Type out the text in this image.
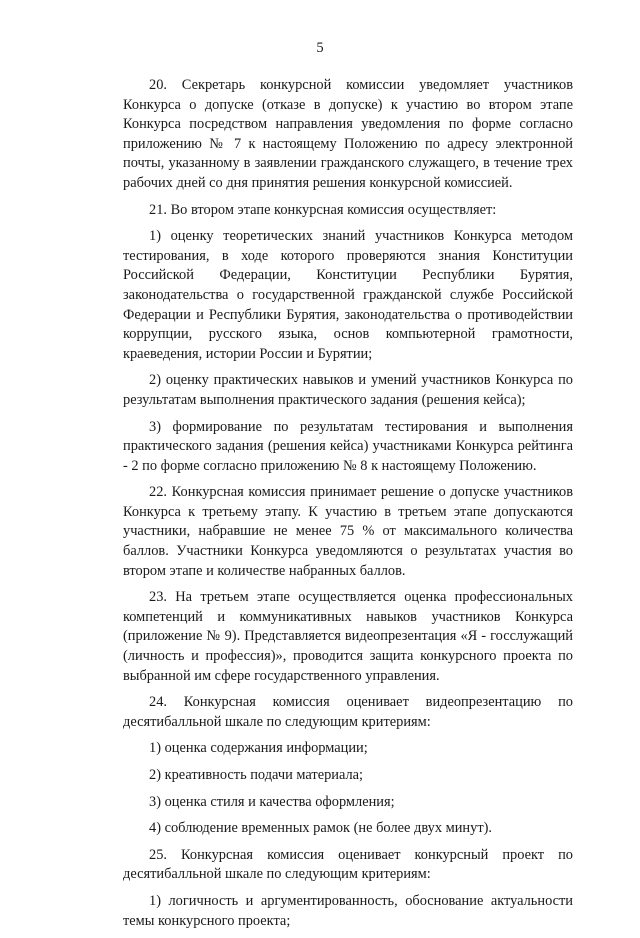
5

20. Секретарь конкурсной комиссии уведомляет участников Конкурса о допуске (отказе в допуске) к участию во втором этапе Конкурса посредством направления уведомления по форме согласно приложению № 7 к настоящему Положению по адресу электронной почты, указанному в заявлении гражданского служащего, в течение трех рабочих дней со дня принятия решения конкурсной комиссией.

21. Во втором этапе конкурсная комиссия осуществляет:

1) оценку теоретических знаний участников Конкурса методом тестирования, в ходе которого проверяются знания Конституции Российской Федерации, Конституции Республики Бурятия, законодательства о государственной гражданской службе Российской Федерации и Республики Бурятия, законодательства о противодействии коррупции, русского языка, основ компьютерной грамотности, краеведения, истории России и Бурятии;

2) оценку практических навыков и умений участников Конкурса по результатам выполнения практического задания (решения кейса);

3) формирование по результатам тестирования и выполнения практического задания (решения кейса) участниками Конкурса рейтинга - 2 по форме согласно приложению № 8 к настоящему Положению.

22. Конкурсная комиссия принимает решение о допуске участников Конкурса к третьему этапу. К участию в третьем этапе допускаются участники, набравшие не менее 75 % от максимального количества баллов. Участники Конкурса уведомляются о результатах участия во втором этапе и количестве набранных баллов.

23. На третьем этапе осуществляется оценка профессиональных компетенций и коммуникативных навыков участников Конкурса (приложение № 9). Представляется видеопрезентация «Я - госслужащий (личность и профессия)», проводится защита конкурсного проекта по выбранной им сфере государственного управления.

24. Конкурсная комиссия оценивает видеопрезентацию по десятибалльной шкале по следующим критериям:

1) оценка содержания информации;

2) креативность подачи материала;

3) оценка стиля и качества оформления;

4) соблюдение временных рамок (не более двух минут).

25. Конкурсная комиссия оценивает конкурсный проект по десятибалльной шкале по следующим критериям:

1) логичность и аргументированность, обоснование актуальности темы конкурсного проекта;
